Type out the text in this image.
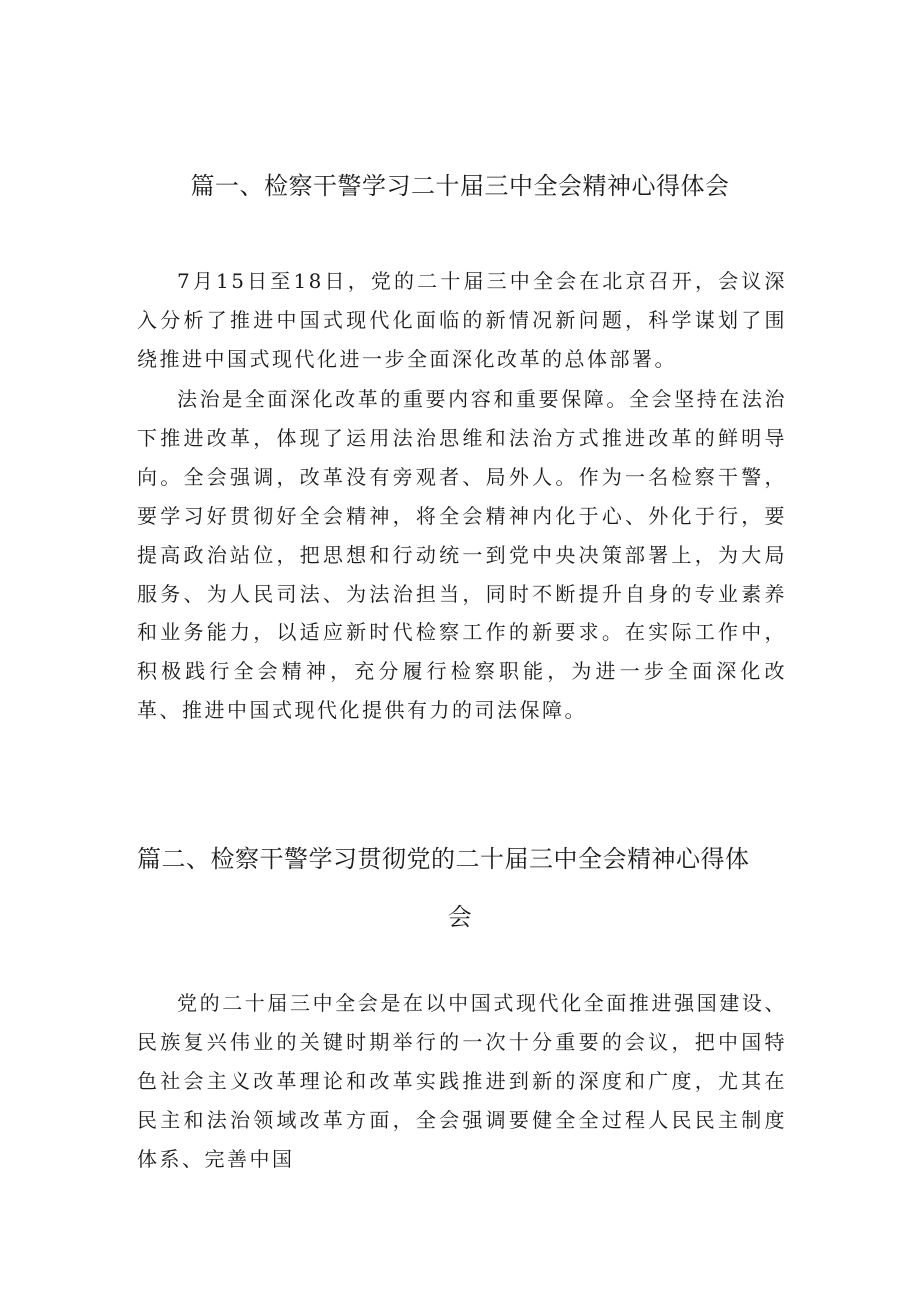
篇一、检察干警学习二十届三中全会精神心得体会

7月15日至18日，党的二十届三中全会在北京召开，会议深入分析了推进中国式现代化面临的新情况新问题，科学谋划了围绕推进中国式现代化进一步全面深化改革的总体部署。

法治是全面深化改革的重要内容和重要保障。全会坚持在法治下推进改革，体现了运用法治思维和法治方式推进改革的鲜明导向。全会强调，改革没有旁观者、局外人。作为一名检察干警，要学习好贯彻好全会精神，将全会精神内化于心、外化于行，要提高政治站位，把思想和行动统一到党中央决策部署上，为大局服务、为人民司法、为法治担当，同时不断提升自身的专业素养和业务能力，以适应新时代检察工作的新要求。在实际工作中，积极践行全会精神，充分履行检察职能，为进一步全面深化改革、推进中国式现代化提供有力的司法保障。

篇二、检察干警学习贯彻党的二十届三中全会精神心得体
会

党的二十届三中全会是在以中国式现代化全面推进强国建设、民族复兴伟业的关键时期举行的一次十分重要的会议，把中国特色社会主义改革理论和改革实践推进到新的深度和广度，尤其在民主和法治领域改革方面，全会强调要健全全过程人民民主制度体系、完善中国
